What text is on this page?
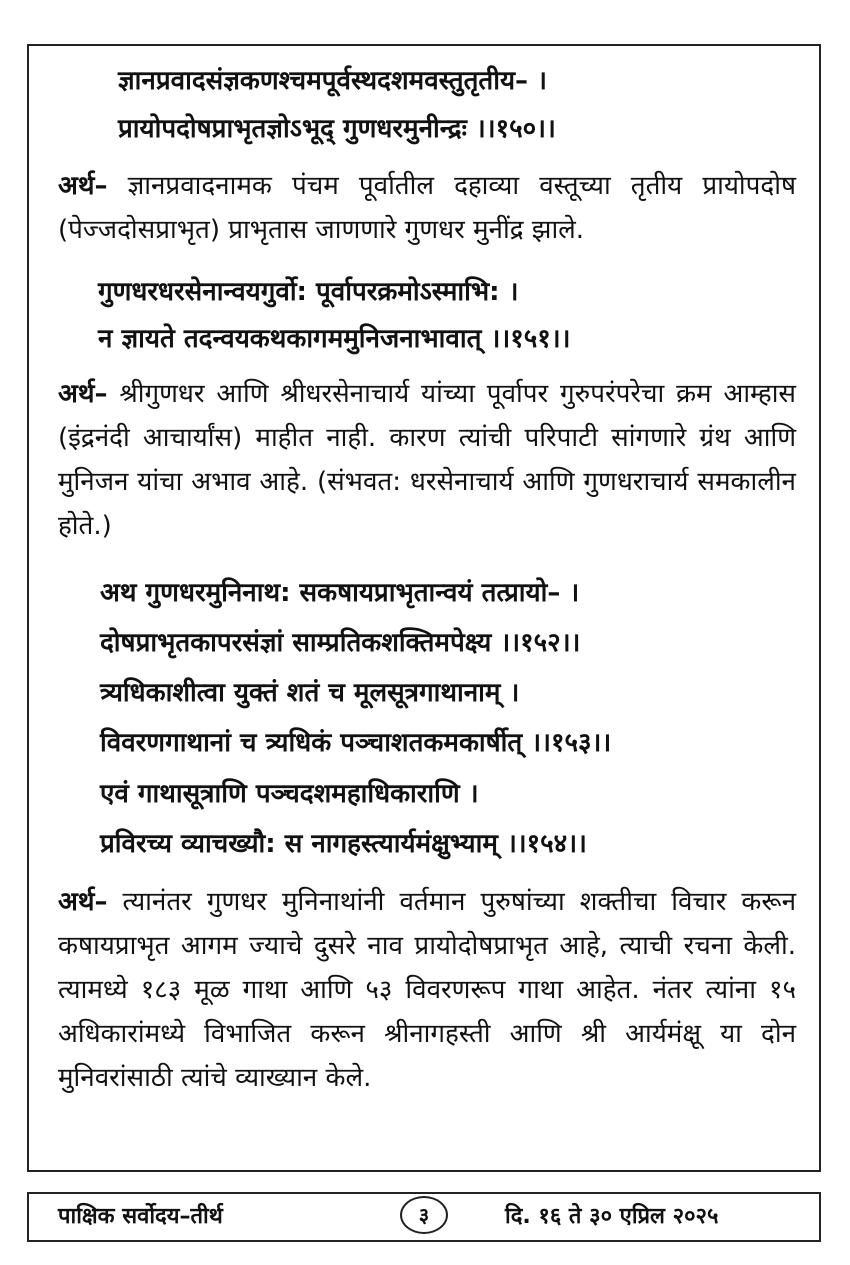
ज्ञानप्रवादसंज्ञकणश्चमपूर्वस्थदशमवस्तुतृतीय– ।
प्रायोपदोषप्राभृतज्ञोऽभूद् गुणधरमुनीन्द्रः ।।१५०।।
अर्थ– ज्ञानप्रवादनामक पंचम पूर्वातील दहाव्या वस्तूच्या तृतीय प्रायोपदोष (पेज्जदोसप्राभृत) प्राभृतास जाणणारे गुणधर मुनींद्र झाले.
गुणधरधरसेनान्वयगुर्वो: पूर्वापरक्रमोऽस्माभि: ।
न ज्ञायते तदन्वयकथकागममुनिजनाभावात् ।।१५१।।
अर्थ– श्रीगुणधर आणि श्रीधरसेनाचार्य यांच्या पूर्वापर गुरुपरंपरेचा क्रम आम्हास (इंद्रनंदी आचार्यांस) माहीत नाही. कारण त्यांची परिपाटी सांगणारे ग्रंथ आणि मुनिजन यांचा अभाव आहे. (संभवत: धरसेनाचार्य आणि गुणधराचार्य समकालीन होते.)
अथ गुणधरमुनिनाथ: सकषायप्राभृतान्वयं तत्प्रायो– ।
दोषप्राभृतकापरसंज्ञां साम्प्रतिकशक्तिमपेक्ष्य ।।१५२।।
त्र्यधिकाशीत्वा युक्तं शतं च मूलसूत्रगाथानाम् ।
विवरणगाथानां च त्र्यधिकं पञ्चाशतकमकार्षीत् ।।१५३।।
एवं गाथासूत्राणि पञ्चदशमहाधिकाराणि ।
प्रविरच्य व्याचख्यौ: स नागहस्त्यार्यमंक्षुभ्याम् ।।१५४।।
अर्थ– त्यानंतर गुणधर मुनिनाथांनी वर्तमान पुरुषांच्या शक्तीचा विचार करून कषायप्राभृत आगम ज्याचे दुसरे नाव प्रायोदोषप्राभृत आहे, त्याची रचना केली. त्यामध्ये १८३ मूळ गाथा आणि ५३ विवरणरूप गाथा आहेत. नंतर त्यांना १५ अधिकारांमध्ये विभाजित करून श्रीनागहस्ती आणि श्री आर्यमंक्षू या दोन मुनिवरांसाठी त्यांचे व्याख्यान केले.
पाक्षिक सर्वोदय–तीर्थ	३	दि. १६ ते ३० एप्रिल २०२५
